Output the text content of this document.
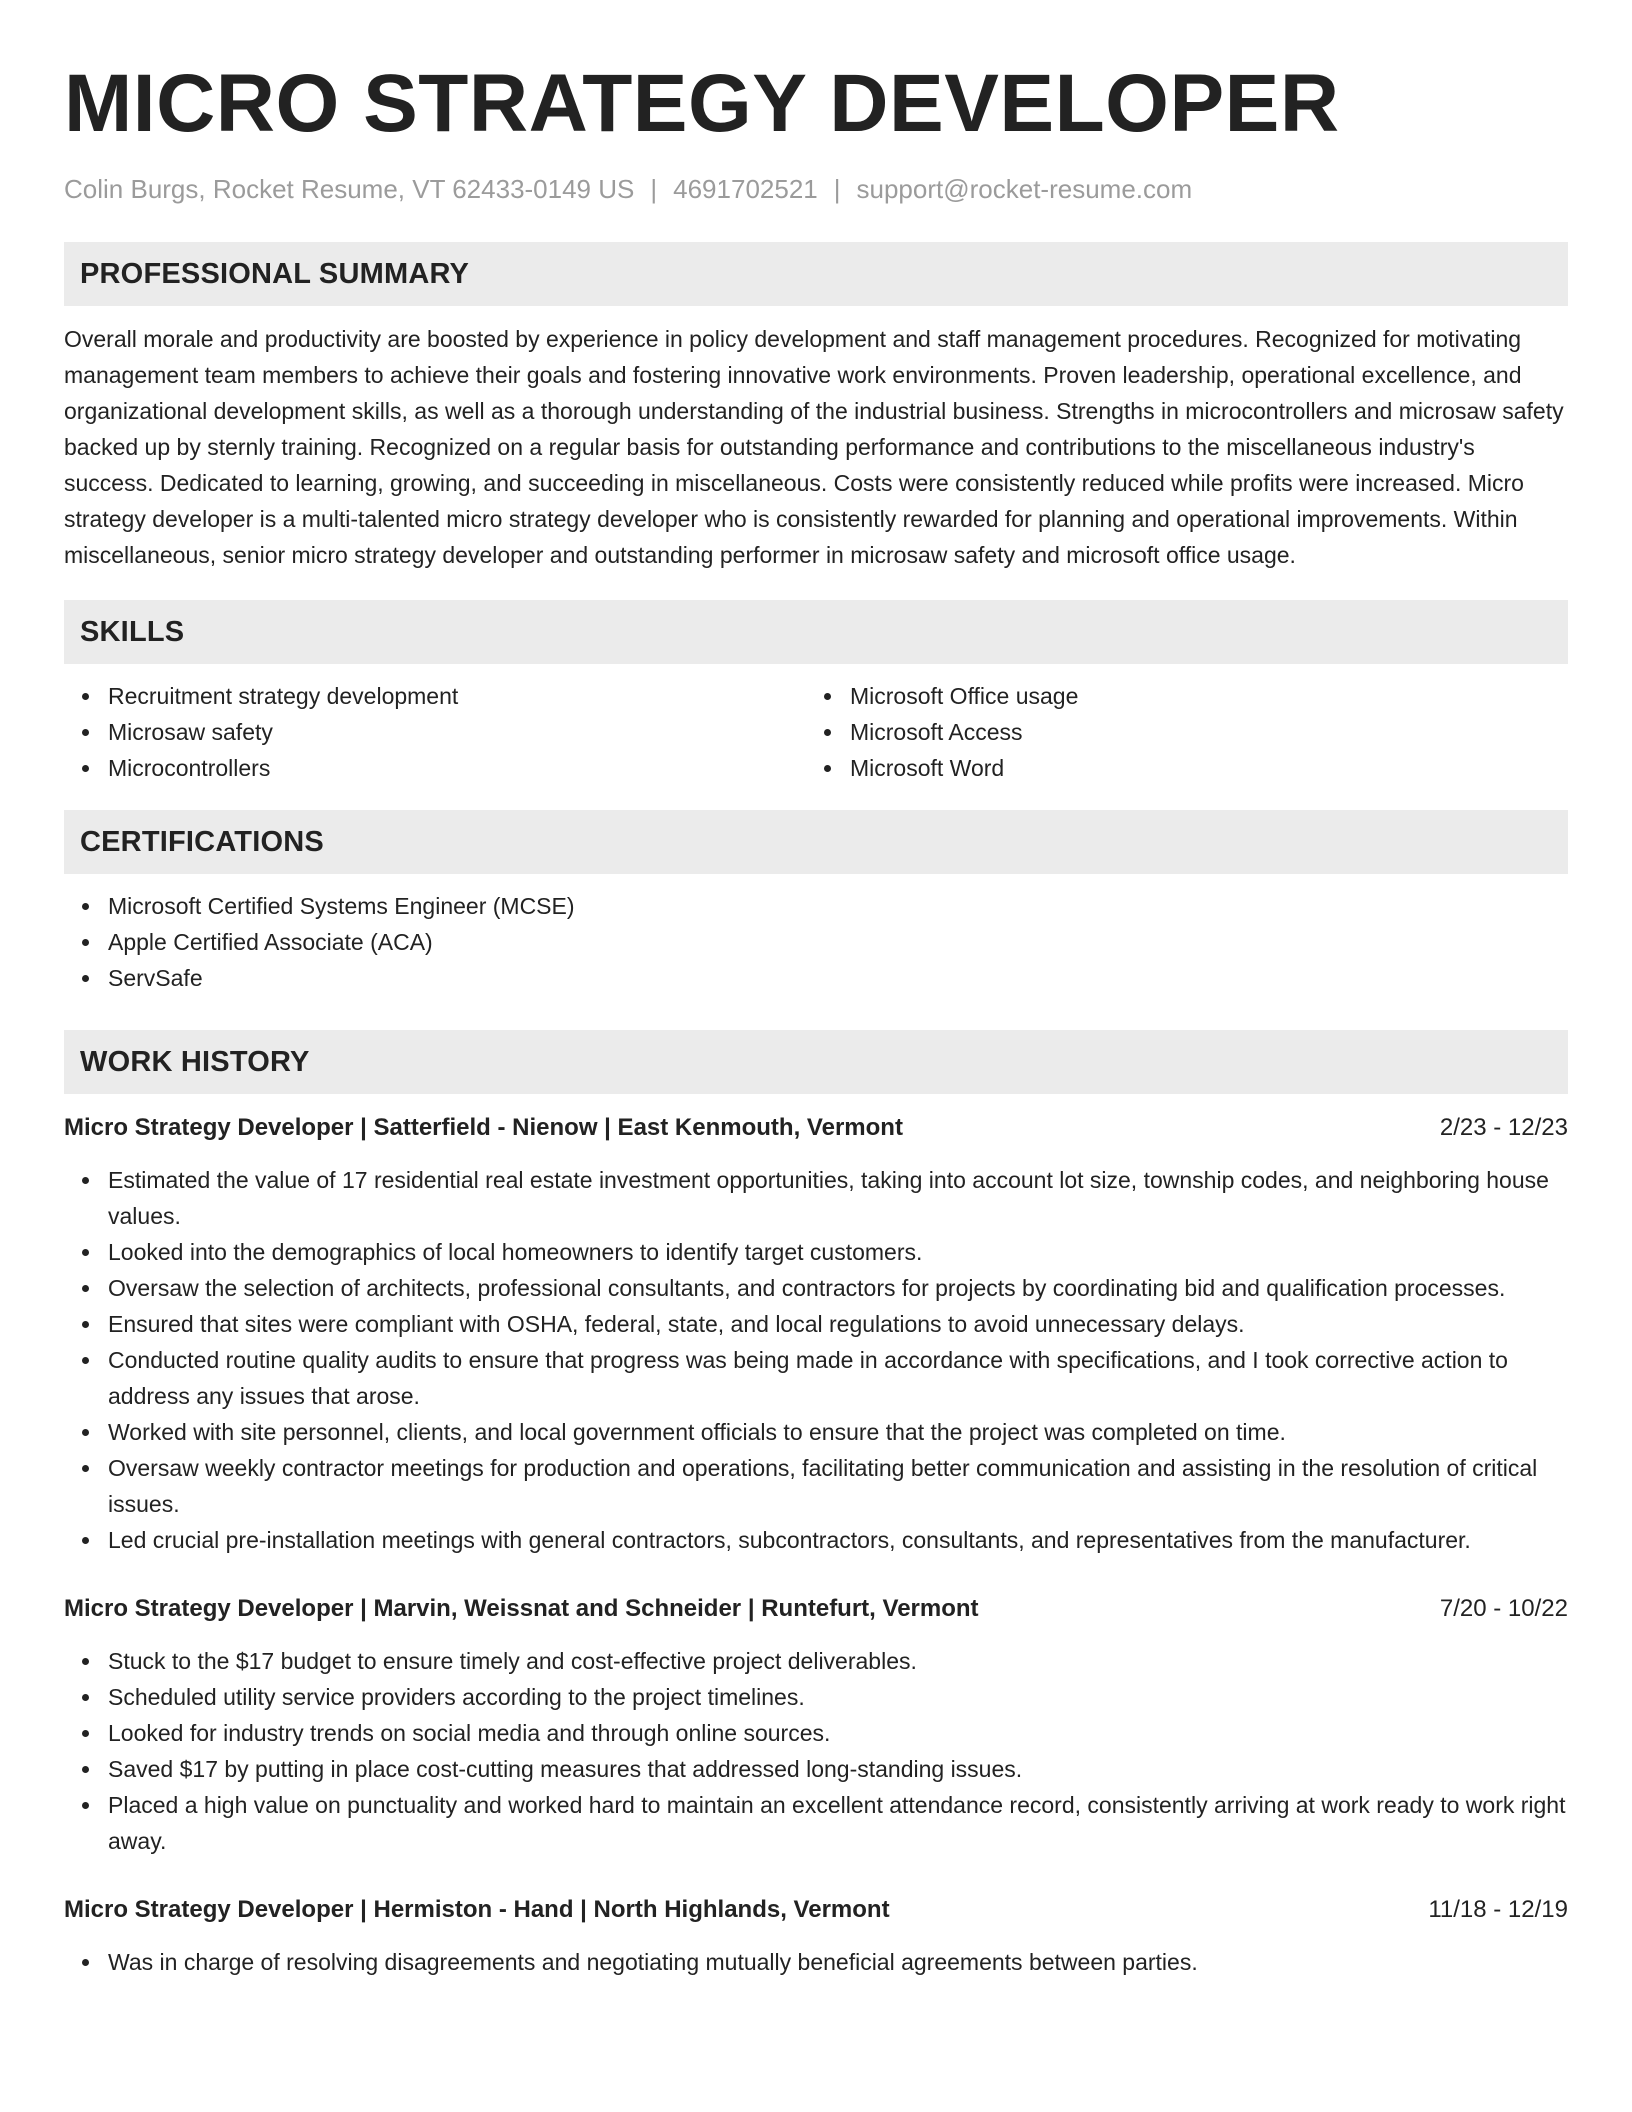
MICRO STRATEGY DEVELOPER
Colin Burgs, Rocket Resume, VT 62433-0149 US | 4691702521 | support@rocket-resume.com
PROFESSIONAL SUMMARY

Overall morale and productivity are boosted by experience in policy development and staff management procedures. Recognized for motivating management team members to achieve their goals and fostering innovative work environments. Proven leadership, operational excellence, and organizational development skills, as well as a thorough understanding of the industrial business. Strengths in microcontrollers and microsaw safety backed up by sternly training. Recognized on a regular basis for outstanding performance and contributions to the miscellaneous industry's success. Dedicated to learning, growing, and succeeding in miscellaneous. Costs were consistently reduced while profits were increased. Micro strategy developer is a multi-talented micro strategy developer who is consistently rewarded for planning and operational improvements. Within miscellaneous, senior micro strategy developer and outstanding performer in microsaw safety and microsoft office usage.

SKILLS
Recruitment strategy development
Microsaw safety
Microcontrollers
Microsoft Office usage
Microsoft Access
Microsoft Word
CERTIFICATIONS
Microsoft Certified Systems Engineer (MCSE)
Apple Certified Associate (ACA)
ServSafe
WORK HISTORY
Micro Strategy Developer | Satterfield - Nienow | East Kenmouth, Vermont	2/23 - 12/23
Estimated the value of 17 residential real estate investment opportunities, taking into account lot size, township codes, and neighboring house values.
Looked into the demographics of local homeowners to identify target customers.
Oversaw the selection of architects, professional consultants, and contractors for projects by coordinating bid and qualification processes.
Ensured that sites were compliant with OSHA, federal, state, and local regulations to avoid unnecessary delays.
Conducted routine quality audits to ensure that progress was being made in accordance with specifications, and I took corrective action to address any issues that arose.
Worked with site personnel, clients, and local government officials to ensure that the project was completed on time.
Oversaw weekly contractor meetings for production and operations, facilitating better communication and assisting in the resolution of critical issues.
Led crucial pre-installation meetings with general contractors, subcontractors, consultants, and representatives from the manufacturer.
Micro Strategy Developer | Marvin, Weissnat and Schneider | Runtefurt, Vermont	7/20 - 10/22
Stuck to the $17 budget to ensure timely and cost-effective project deliverables.
Scheduled utility service providers according to the project timelines.
Looked for industry trends on social media and through online sources.
Saved $17 by putting in place cost-cutting measures that addressed long-standing issues.
Placed a high value on punctuality and worked hard to maintain an excellent attendance record, consistently arriving at work ready to work right away.
Micro Strategy Developer | Hermiston - Hand | North Highlands, Vermont	11/18 - 12/19
Was in charge of resolving disagreements and negotiating mutually beneficial agreements between parties.
